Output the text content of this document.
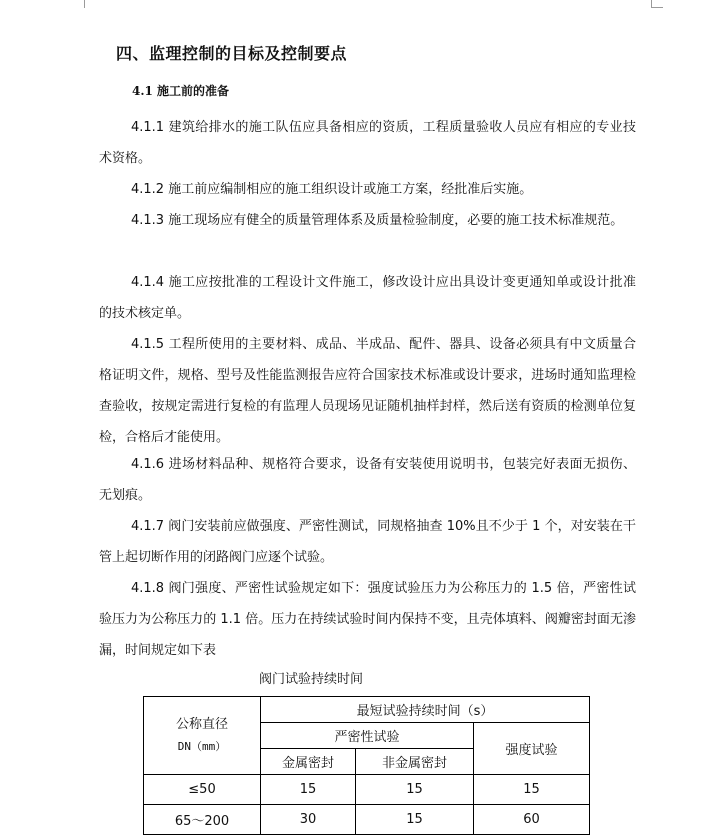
四、监理控制的目标及控制要点
4.1 施工前的准备

4.1.1 建筑给排水的施工队伍应具备相应的资质，工程质量验收人员应有相应的专业技术资格。

4.1.2 施工前应编制相应的施工组织设计或施工方案，经批准后实施。

4.1.3 施工现场应有健全的质量管理体系及质量检验制度，必要的施工技术标准规范。

4.1.4 施工应按批准的工程设计文件施工，修改设计应出具设计变更通知单或设计批准的技术核定单。

4.1.5 工程所使用的主要材料、成品、半成品、配件、器具、设备必须具有中文质量合格证明文件，规格、型号及性能监测报告应符合国家技术标准或设计要求，进场时通知监理检查验收，按规定需进行复检的有监理人员现场见证随机抽样封样，然后送有资质的检测单位复检，合格后才能使用。

4.1.6 进场材料品种、规格符合要求，设备有安装使用说明书，包装完好表面无损伤、无划痕。

4.1.7 阀门安装前应做强度、严密性测试，同规格抽查 10%且不少于 1 个，对安装在干管上起切断作用的闭路阀门应逐个试验。

4.1.8 阀门强度、严密性试验规定如下：强度试验压力为公称压力的 1.5 倍，严密性试验压力为公称压力的 1.1 倍。压力在持续试验时间内保持不变，且壳体填料、阀瓣密封面无渗漏，时间规定如下表

阀门试验持续时间
公称直径
DN（mm）	最短试验持续时间（s）		
	严密性试验		强度试验
	金属密封	非金属密封	
≤50	15	15	15
65～200	30	15	60
